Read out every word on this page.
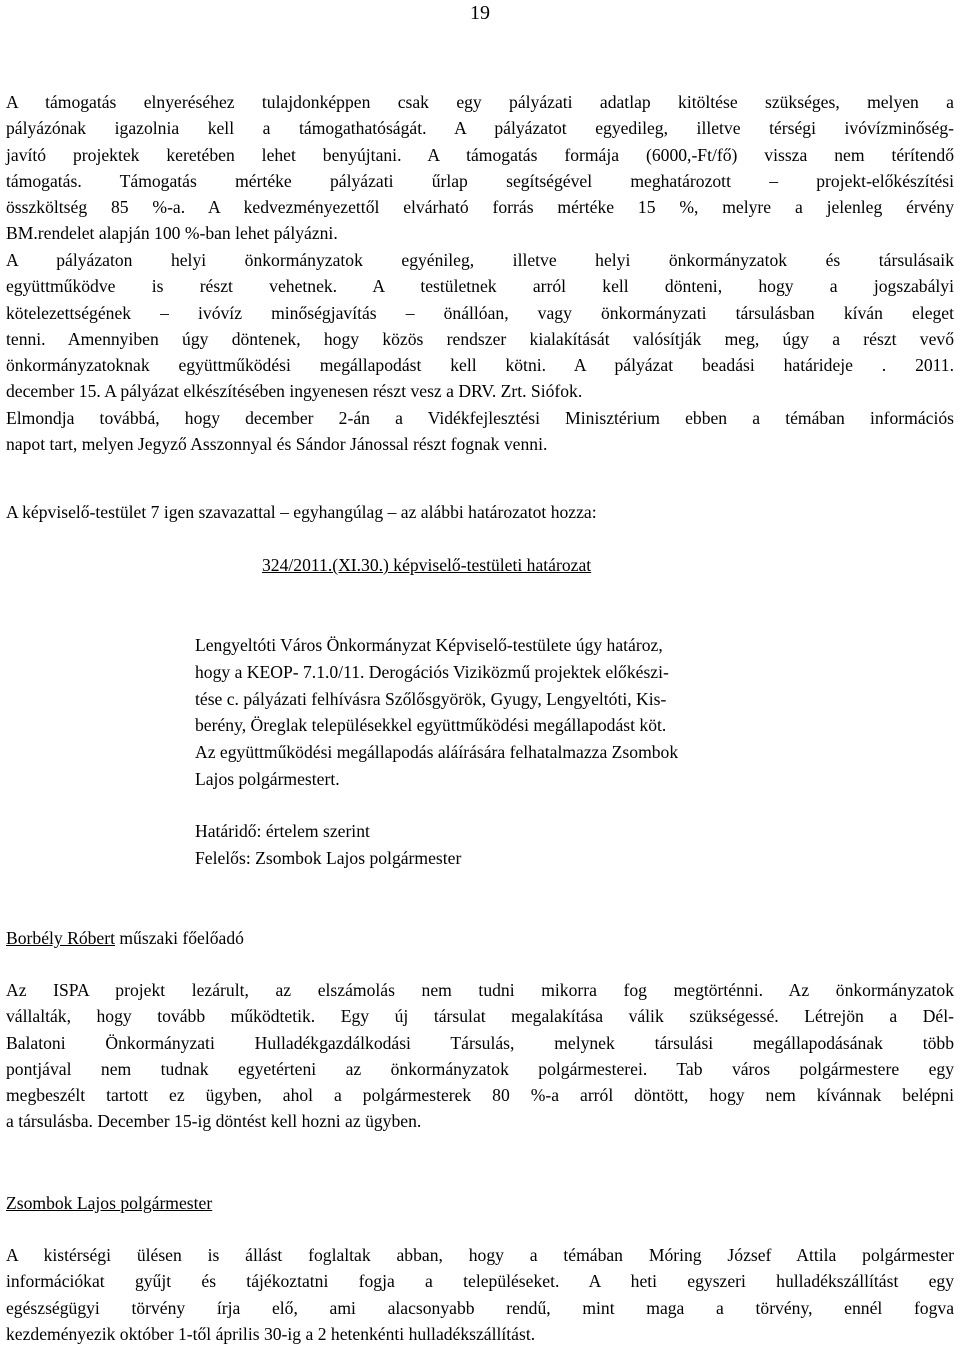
19
A támogatás elnyeréséhez tulajdonképpen csak egy pályázati adatlap kitöltése szükséges, melyen a
pályázónak igazolnia kell a támogathatóságát. A pályázatot egyedileg, illetve térségi ivóvízminőség-
javító projektek keretében lehet benyújtani. A támogatás formája (6000,-Ft/fő) vissza nem térítendő
támogatás. Támogatás mértéke pályázati űrlap segítségével meghatározott – projekt-előkészítési
összköltség 85 %-a. A kedvezményezettől elvárható forrás mértéke 15 %, melyre a jelenleg érvény
BM.rendelet alapján 100 %-ban lehet pályázni.
A pályázaton helyi önkormányzatok egyénileg, illetve helyi önkormányzatok és társulásaik
együttműködve is részt vehetnek. A testületnek arról kell dönteni, hogy a jogszabályi
kötelezettségének – ivóvíz minőségjavítás – önállóan, vagy önkormányzati társulásban kíván eleget
tenni. Amennyiben úgy döntenek, hogy közös rendszer kialakítását valósítják meg, úgy a részt vevő
önkormányzatoknak együttműködési megállapodást kell kötni. A pályázat beadási határideje . 2011.
december 15. A pályázat elkészítésében ingyenesen részt vesz a DRV. Zrt. Siófok.
Elmondja továbbá, hogy december 2-án a Vidékfejlesztési Minisztérium ebben a témában információs
napot tart, melyen Jegyző Asszonnyal és Sándor Jánossal részt fognak venni.
A képviselő-testület 7 igen szavazattal – egyhangúlag – az alábbi határozatot hozza:
324/2011.(XI.30.) képviselő-testületi határozat
Lengyeltóti Város Önkormányzat Képviselő-testülete úgy határoz,
hogy a KEOP- 7.1.0/11. Derogációs Viziközmű projektek előkészi-
tése c. pályázati felhívásra Szőlősgyörök, Gyugy, Lengyeltóti, Kis-
berény, Öreglak településekkel együttműködési megállapodást köt.
Az együttműködési megállapodás aláírására felhatalmazza Zsombok
Lajos polgármestert.
Határidő: értelem szerint
Felelős: Zsombok Lajos polgármester
Borbély Róbert műszaki főelőadó
Az ISPA projekt lezárult, az elszámolás nem tudni mikorra fog megtörténni. Az önkormányzatok
vállalták, hogy tovább működtetik. Egy új társulat megalakítása válik szükségessé. Létrejön a Dél-
Balatoni Önkormányzati Hulladékgazdálkodási Társulás, melynek társulási megállapodásának több
pontjával nem tudnak egyetérteni az önkormányzatok polgármesterei. Tab város polgármestere egy
megbeszélt tartott ez ügyben, ahol a polgármesterek 80 %-a arról döntött, hogy nem kívánnak belépni
a társulásba. December 15-ig döntést kell hozni az ügyben.
Zsombok Lajos polgármester
A kistérségi ülésen is állást foglaltak abban, hogy a témában Móring József Attila polgármester
információkat gyűjt és tájékoztatni fogja a településeket. A heti egyszeri hulladékszállítást egy
egészségügyi törvény írja elő, ami alacsonyabb rendű, mint maga a törvény, ennél fogva
kezdeményezik október 1-től április 30-ig a 2 hetenkénti hulladékszállítást.
